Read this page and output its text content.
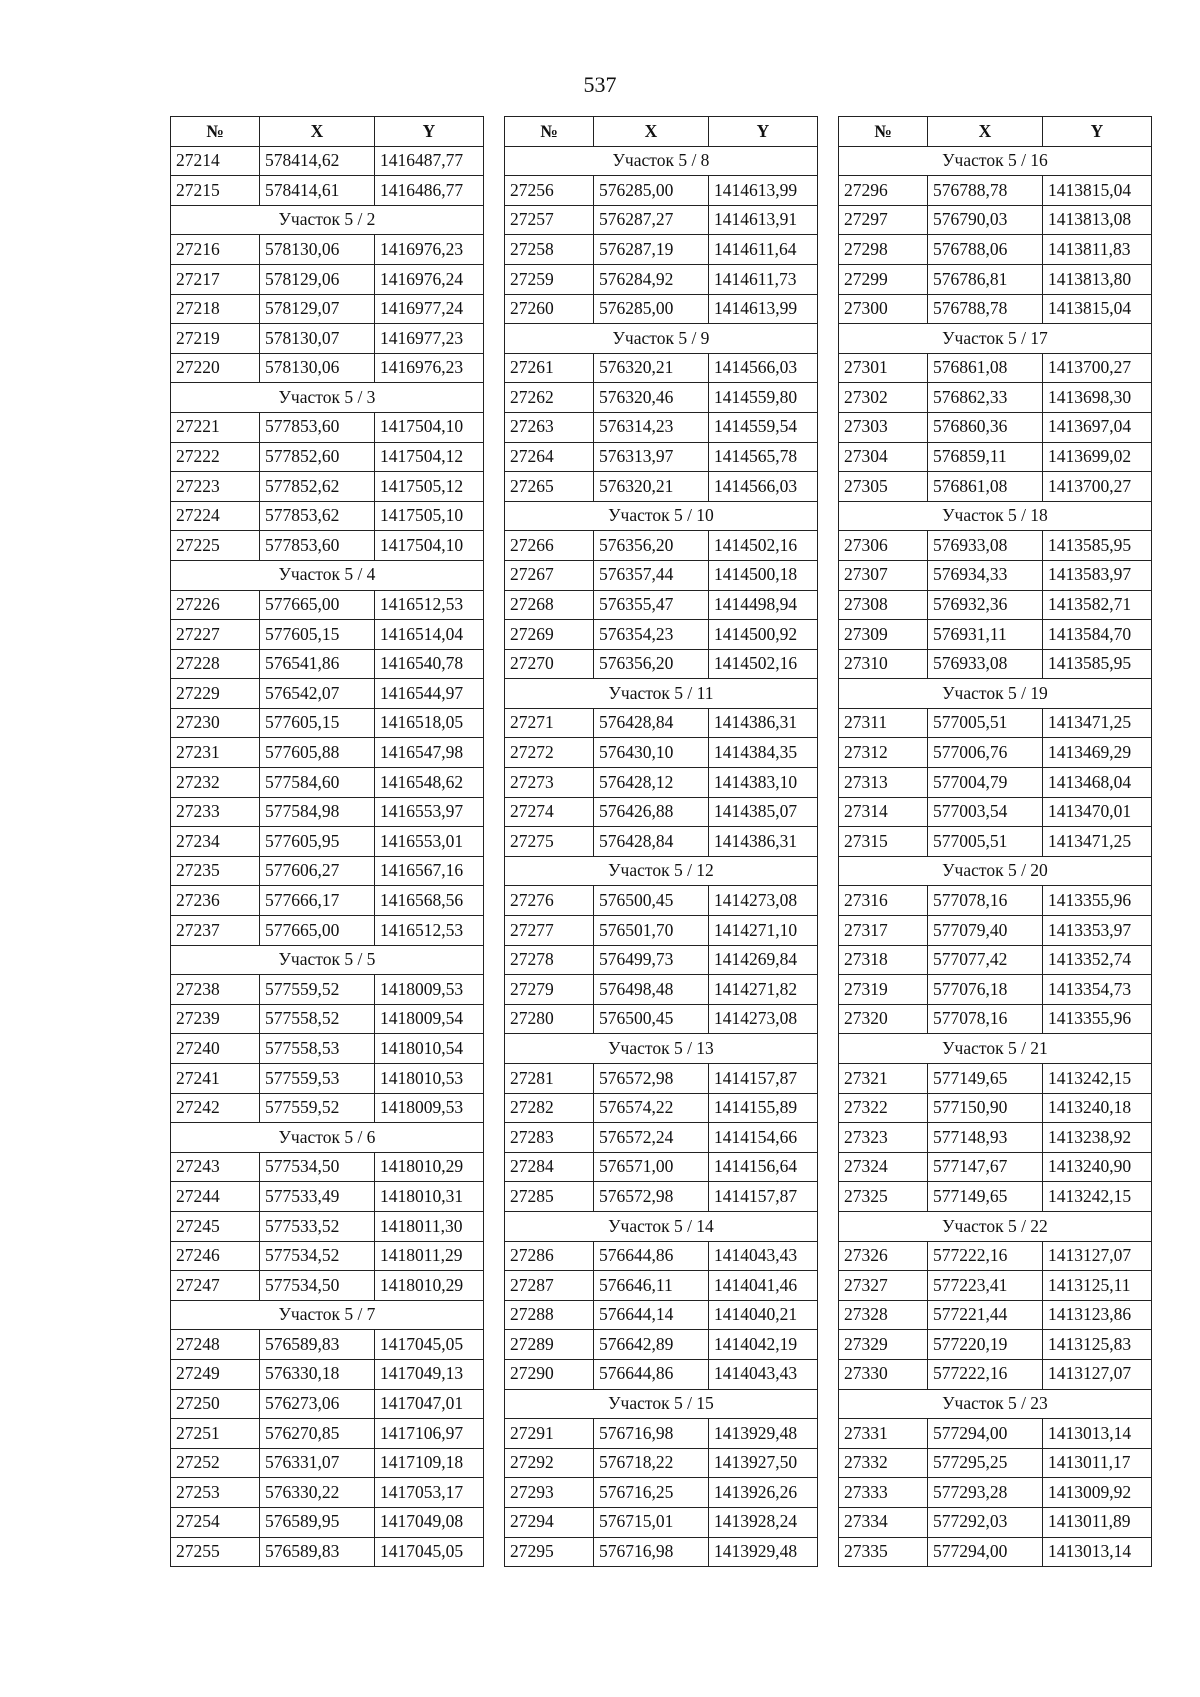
537
№	X	Y
27214	578414,62	1416487,77
27215	578414,61	1416486,77
Участок 5 / 2		
27216	578130,06	1416976,23
27217	578129,06	1416976,24
27218	578129,07	1416977,24
27219	578130,07	1416977,23
27220	578130,06	1416976,23
Участок 5 / 3		
27221	577853,60	1417504,10
27222	577852,60	1417504,12
27223	577852,62	1417505,12
27224	577853,62	1417505,10
27225	577853,60	1417504,10
Участок 5 / 4		
27226	577665,00	1416512,53
27227	577605,15	1416514,04
27228	576541,86	1416540,78
27229	576542,07	1416544,97
27230	577605,15	1416518,05
27231	577605,88	1416547,98
27232	577584,60	1416548,62
27233	577584,98	1416553,97
27234	577605,95	1416553,01
27235	577606,27	1416567,16
27236	577666,17	1416568,56
27237	577665,00	1416512,53
Участок 5 / 5		
27238	577559,52	1418009,53
27239	577558,52	1418009,54
27240	577558,53	1418010,54
27241	577559,53	1418010,53
27242	577559,52	1418009,53
Участок 5 / 6		
27243	577534,50	1418010,29
27244	577533,49	1418010,31
27245	577533,52	1418011,30
27246	577534,52	1418011,29
27247	577534,50	1418010,29
Участок 5 / 7		
27248	576589,83	1417045,05
27249	576330,18	1417049,13
27250	576273,06	1417047,01
27251	576270,85	1417106,97
27252	576331,07	1417109,18
27253	576330,22	1417053,17
27254	576589,95	1417049,08
27255	576589,83	1417045,05
№	X	Y
Участок 5 / 8		
27256	576285,00	1414613,99
27257	576287,27	1414613,91
27258	576287,19	1414611,64
27259	576284,92	1414611,73
27260	576285,00	1414613,99
Участок 5 / 9		
27261	576320,21	1414566,03
27262	576320,46	1414559,80
27263	576314,23	1414559,54
27264	576313,97	1414565,78
27265	576320,21	1414566,03
Участок 5 / 10		
27266	576356,20	1414502,16
27267	576357,44	1414500,18
27268	576355,47	1414498,94
27269	576354,23	1414500,92
27270	576356,20	1414502,16
Участок 5 / 11		
27271	576428,84	1414386,31
27272	576430,10	1414384,35
27273	576428,12	1414383,10
27274	576426,88	1414385,07
27275	576428,84	1414386,31
Участок 5 / 12		
27276	576500,45	1414273,08
27277	576501,70	1414271,10
27278	576499,73	1414269,84
27279	576498,48	1414271,82
27280	576500,45	1414273,08
Участок 5 / 13		
27281	576572,98	1414157,87
27282	576574,22	1414155,89
27283	576572,24	1414154,66
27284	576571,00	1414156,64
27285	576572,98	1414157,87
Участок 5 / 14		
27286	576644,86	1414043,43
27287	576646,11	1414041,46
27288	576644,14	1414040,21
27289	576642,89	1414042,19
27290	576644,86	1414043,43
Участок 5 / 15		
27291	576716,98	1413929,48
27292	576718,22	1413927,50
27293	576716,25	1413926,26
27294	576715,01	1413928,24
27295	576716,98	1413929,48
№	X	Y
Участок 5 / 16		
27296	576788,78	1413815,04
27297	576790,03	1413813,08
27298	576788,06	1413811,83
27299	576786,81	1413813,80
27300	576788,78	1413815,04
Участок 5 / 17		
27301	576861,08	1413700,27
27302	576862,33	1413698,30
27303	576860,36	1413697,04
27304	576859,11	1413699,02
27305	576861,08	1413700,27
Участок 5 / 18		
27306	576933,08	1413585,95
27307	576934,33	1413583,97
27308	576932,36	1413582,71
27309	576931,11	1413584,70
27310	576933,08	1413585,95
Участок 5 / 19		
27311	577005,51	1413471,25
27312	577006,76	1413469,29
27313	577004,79	1413468,04
27314	577003,54	1413470,01
27315	577005,51	1413471,25
Участок 5 / 20		
27316	577078,16	1413355,96
27317	577079,40	1413353,97
27318	577077,42	1413352,74
27319	577076,18	1413354,73
27320	577078,16	1413355,96
Участок 5 / 21		
27321	577149,65	1413242,15
27322	577150,90	1413240,18
27323	577148,93	1413238,92
27324	577147,67	1413240,90
27325	577149,65	1413242,15
Участок 5 / 22		
27326	577222,16	1413127,07
27327	577223,41	1413125,11
27328	577221,44	1413123,86
27329	577220,19	1413125,83
27330	577222,16	1413127,07
Участок 5 / 23		
27331	577294,00	1413013,14
27332	577295,25	1413011,17
27333	577293,28	1413009,92
27334	577292,03	1413011,89
27335	577294,00	1413013,14
